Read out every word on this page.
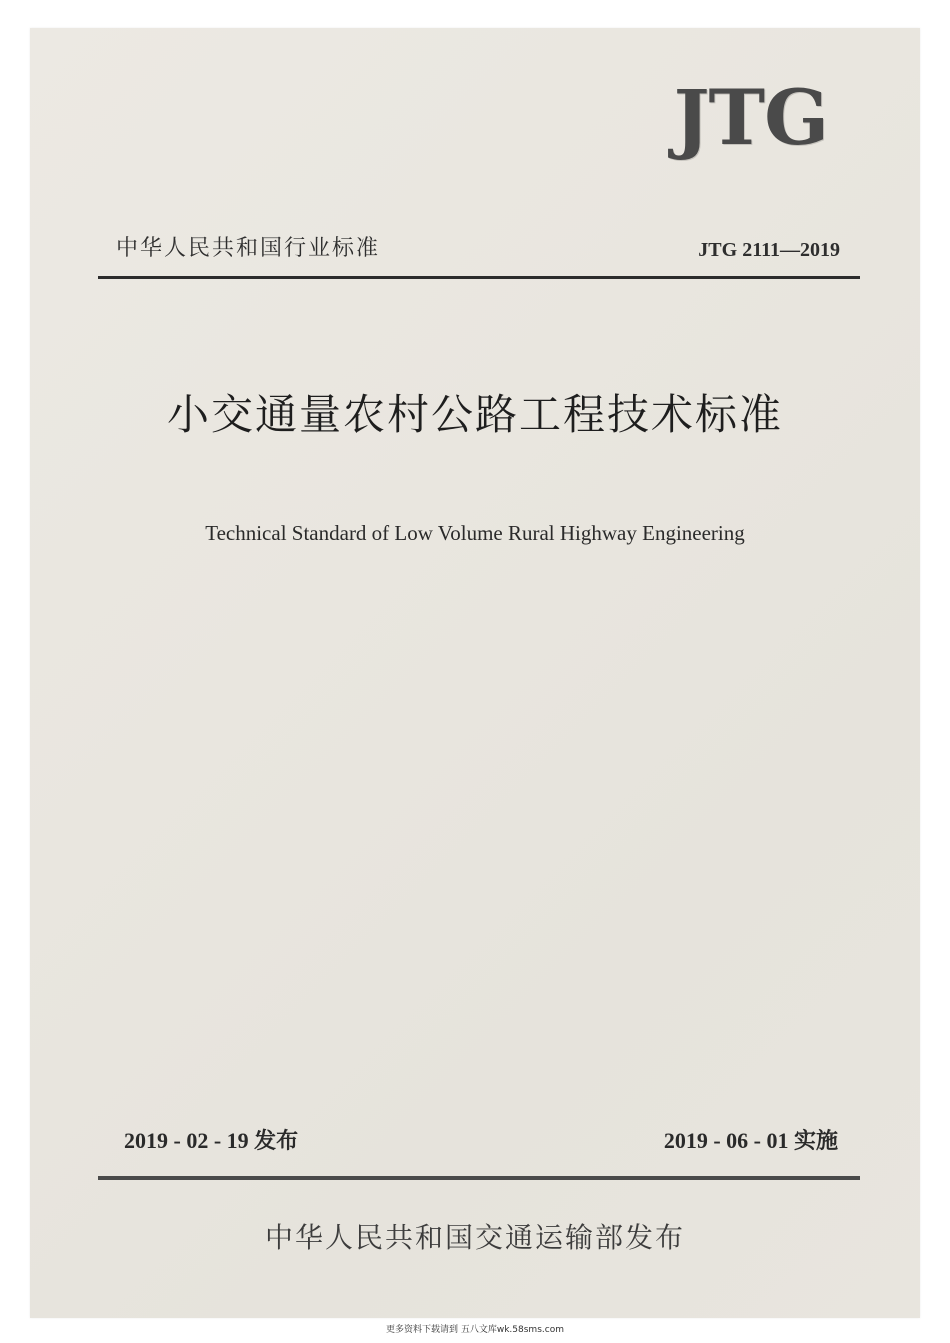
JTG
中华人民共和国行业标准	JTG 2111—2019
小交通量农村公路工程技术标准
Technical Standard of Low Volume Rural Highway Engineering
2019 - 02 - 19 发布	2019 - 06 - 01 实施
中华人民共和国交通运输部发布
更多资料下载请到 五八文库wk.58sms.com
